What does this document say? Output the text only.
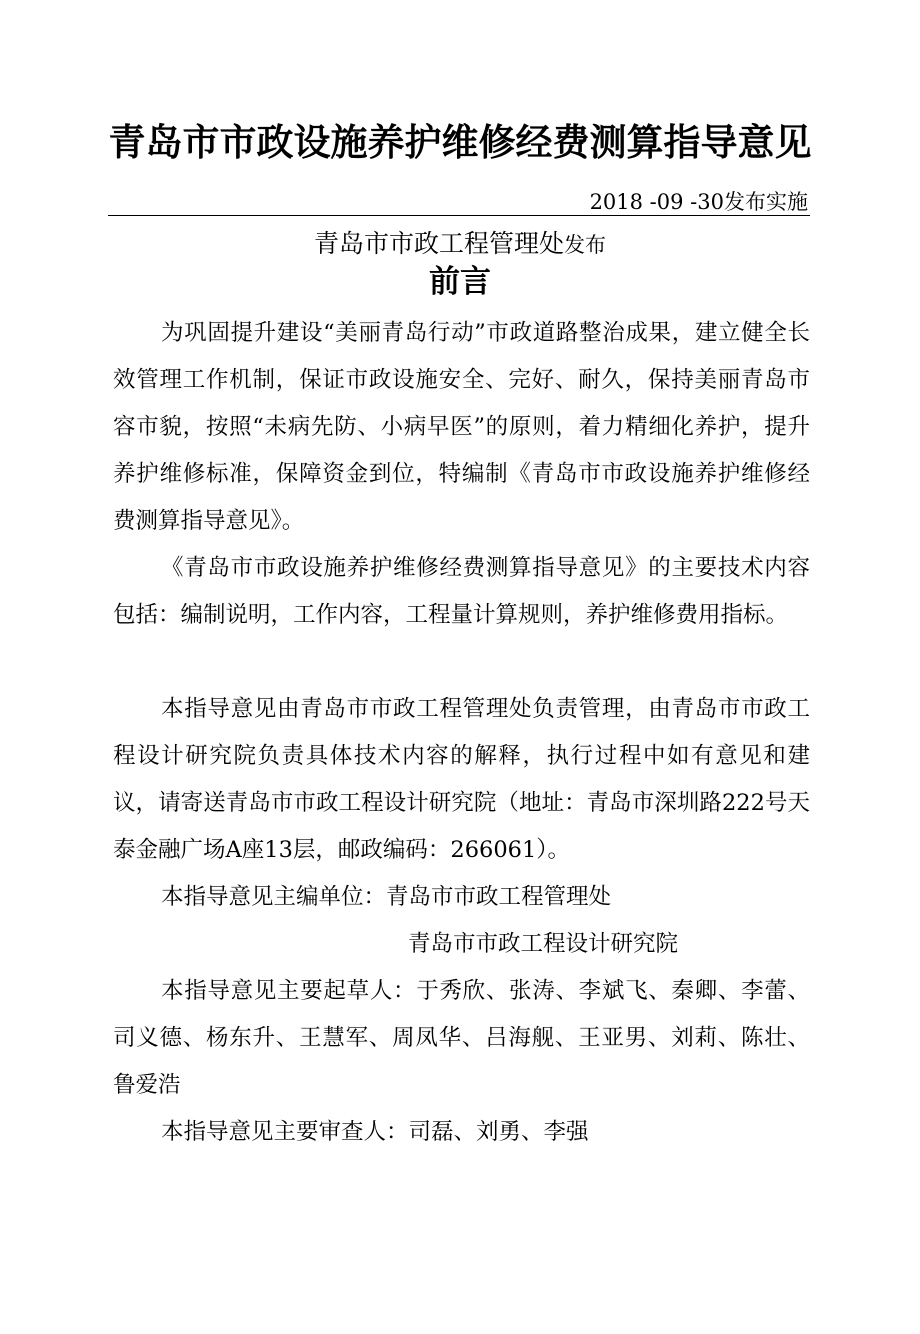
青岛市市政设施养护维修经费测算指导意见
2018 -09 -30发布实施
青岛市市政工程管理处发布
前言

为巩固提升建设“美丽青岛行动”市政道路整治成果，建立健全长效管理工作机制，保证市政设施安全、完好、耐久，保持美丽青岛市容市貌，按照“未病先防、小病早医”的原则，着力精细化养护，提升养护维修标准，保障资金到位，特编制《青岛市市政设施养护维修经费测算指导意见》。

《青岛市市政设施养护维修经费测算指导意见》的主要技术内容包括：编制说明，工作内容，工程量计算规则，养护维修费用指标。

本指导意见由青岛市市政工程管理处负责管理，由青岛市市政工程设计研究院负责具体技术内容的解释，执行过程中如有意见和建议，请寄送青岛市市政工程设计研究院（地址：青岛市深圳路222号天泰金融广场A座13层，邮政编码：266061）。

本指导意见主编单位：青岛市市政工程管理处
青岛市市政工程设计研究院

本指导意见主要起草人：于秀欣、张涛、李斌飞、秦卿、李蕾、司义德、杨东升、王慧军、周凤华、吕海舰、王亚男、刘莉、陈壮、鲁爱浩

本指导意见主要审查人：司磊、刘勇、李强
